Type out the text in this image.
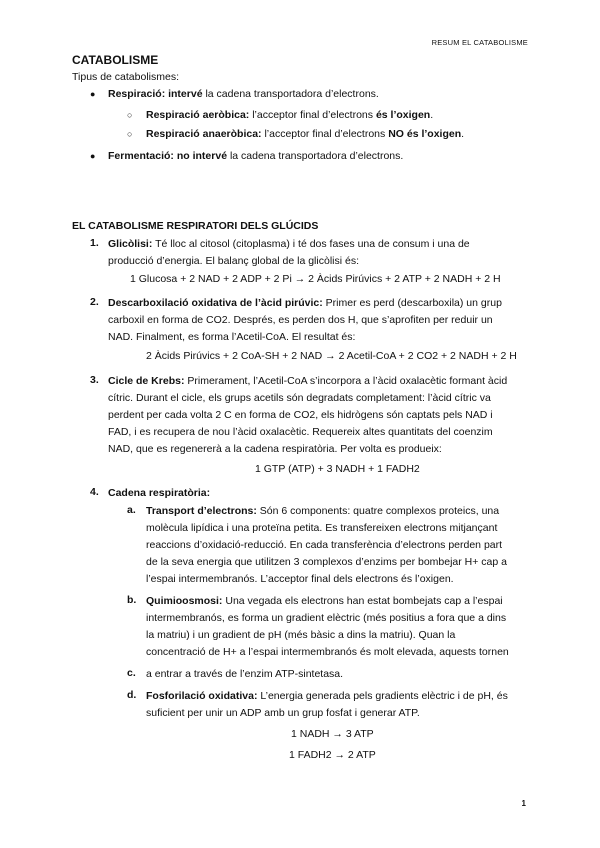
RESUM EL CATABOLISME
CATABOLISME
Tipus de catabolismes:
● Respiració: intervé la cadena transportadora d’electrons.
○ Respiració aeròbica: l’acceptor final d’electrons és l’oxigen.
○ Respiració anaeròbica: l’acceptor final d’electrons NO és l’oxigen.
● Fermentació: no intervé la cadena transportadora d’electrons.
EL CATABOLISME RESPIRATORI DELS GLÚCIDS
1. Glicòlisi: Té lloc al citosol (citoplasma) i té dos fases una de consum i una de
producció d’energia. El balanç global de la glicòlisi és:
1 Glucosa + 2 NAD + 2 ADP + 2 Pi → 2 Àcids Pirúvics + 2 ATP + 2 NADH + 2 H
2. Descarboxilació oxidativa de l’àcid pirúvic: Primer es perd (descarboxila) un grup
carboxil en forma de CO2. Després, es perden dos H, que s’aprofiten per reduir un
NAD. Finalment, es forma l’Acetil-CoA. El resultat és:
2 Àcids Pirúvics + 2 CoA-SH + 2 NAD → 2 Acetil-CoA + 2 CO2 + 2 NADH + 2 H
3. Cicle de Krebs: Primerament, l’Acetil-CoA s’incorpora a l’àcid oxalacètic formant àcid
cítric. Durant el cicle, els grups acetils són degradats completament: l’àcid cítric va
perdent per cada volta 2 C en forma de CO2, els hidrògens són captats pels NAD i
FAD, i es recupera de nou l’àcid oxalacètic. Requereix altes quantitats del coenzim
NAD, que es regenererà a la cadena respiratòria. Per volta es produeix:
1 GTP (ATP) + 3 NADH + 1 FADH2
4. Cadena respiratòria:
a. Transport d’electrons: Són 6 components: quatre complexos proteics, una
molècula lipídica i una proteïna petita. Es transfereixen electrons mitjançant
reaccions d’oxidació-reducció. En cada transferència d’electrons perden part
de la seva energia que utilitzen 3 complexos d’enzims per bombejar H+ cap a
l’espai intermembranós. L’acceptor final dels electrons és l’oxigen.
b. Quimioosmosi: Una vegada els electrons han estat bombejats cap a l’espai
intermembranós, es forma un gradient elèctric (més positius a fora que a dins
la matriu) i un gradient de pH (més bàsic a dins la matriu). Quan la
concentració de H+ a l’espai intermembranós és molt elevada, aquests tornen
c. a entrar a través de l’enzim ATP-sintetasa.
d. Fosforilació oxidativa: L’energia generada pels gradients elèctric i de pH, és
suficient per unir un ADP amb un grup fosfat i generar ATP.
1 NADH → 3 ATP
1 FADH2 → 2 ATP
1
